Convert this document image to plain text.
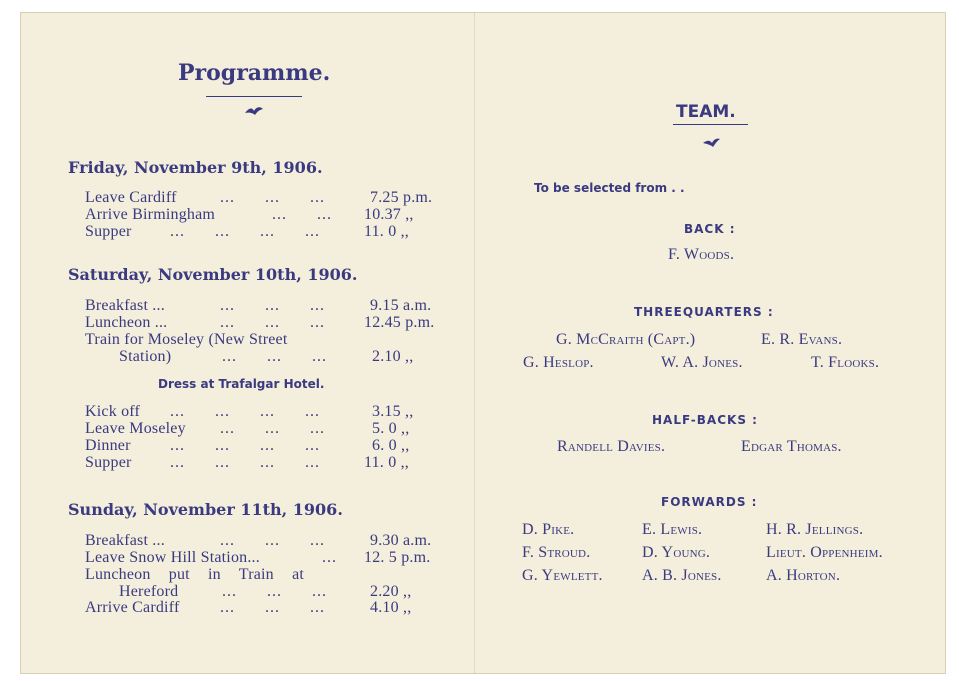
Programme.
Friday, November 9th, 1906.
Leave Cardiff	...      ...      ...	7.25 p.m.
Arrive Birmingham	...      ... 10.37 ,,
Supper ...      ...      ...      ...	11. 0 ,,
Saturday, November 10th, 1906.
Breakfast ...	...      ...      ...	9.15 a.m.
Luncheon ...	...      ...      ... 12.45 p.m.
Train for Moseley (New Street
Station)	...      ...      ...	2.10 ,,
Dress at Trafalgar Hotel.
Kick off ...      ...      ...      ...	3.15 ,,
Leave Moseley ...      ...      ...	5. 0 ,,
Dinner ...      ...      ...      ...	6. 0 ,,
Supper ...      ...      ...      ...	11. 0 ,,
Sunday, November 11th, 1906.
Breakfast ...	...      ...      ...	9.30 a.m.
Leave Snow Hill Station...	... 12. 5 p.m.
Luncheon put in Train at
Hereford	...      ...      ...	2.20 ,,
Arrive Cardiff	...      ...      ...	4.10 ,,
TEAM.
To be selected from . .
BACK :
F. Woods.
THREEQUARTERS :
G. McCraith (Capt.)	E. R. Evans.
G. Heslop.	W. A. Jones.	T. Flooks.
HALF-BACKS :
Randell Davies.	Edgar Thomas.
FORWARDS :
D. Pike.	E. Lewis.	H. R. Jellings.
F. Stroud.	D. Young.	Lieut. Oppenheim.
G. Yewlett. A. B. Jones.	A. Horton.
